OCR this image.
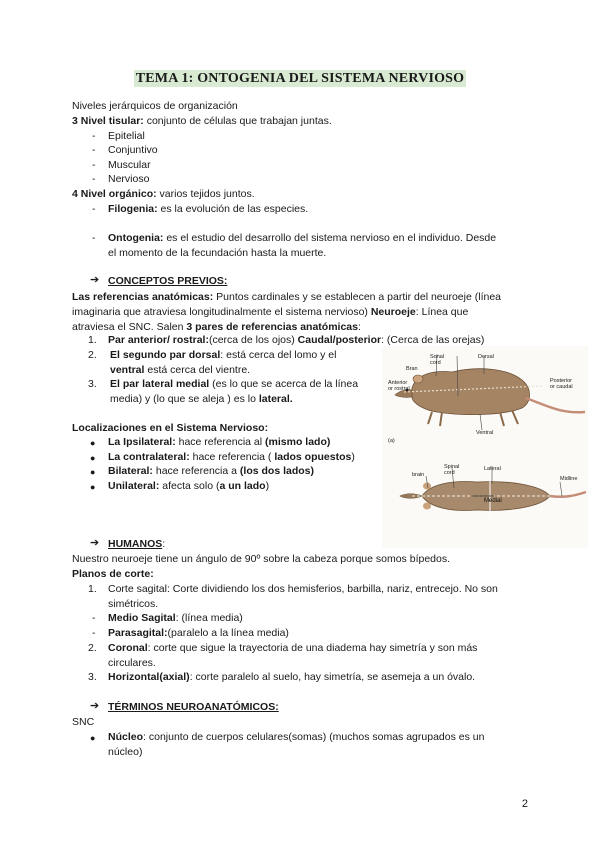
TEMA 1: ONTOGENIA DEL SISTEMA NERVIOSO
Niveles jerárquicos de organización
3 Nivel tisular: conjunto de células que trabajan juntas.
- Epitelial
- Conjuntivo
- Muscular
- Nervioso
4 Nivel orgánico: varios tejidos juntos.
- Filogenia: es la evolución de las especies.
- Ontogenia: es el estudio del desarrollo del sistema nervioso en el individuo. Desde
el momento de la fecundación hasta la muerte.
➔ CONCEPTOS PREVIOS:
Las referencias anatómicas: Puntos cardinales y se establecen a partir del neuroeje (línea
imaginaria que atraviesa longitudinalmente el sistema nervioso) Neuroeje: Línea que
atraviesa el SNC. Salen 3 pares de referencias anatómicas:
1. Par anterior/ rostral:(cerca de los ojos) Caudal/posterior: (Cerca de las orejas)
2. El segundo par dorsal: está cerca del lomo y el
ventral está cerca del vientre.
3. El par lateral medial (es lo que se acerca de la línea
media) y (lo que se aleja ) es lo lateral.
Localizaciones en el Sistema Nervioso:
● La Ipsilateral: hace referencia al (mismo lado)
● La contralateral: hace referencia ( lados opuestos)
● Bilateral: hace referencia a (los dos lados)
● Unilateral: afecta solo (a un lado)
Sonal
cord
Dorsal
Bran
Anterior
or rostral
Posterior
or caudal
Ventral
(a)
Spinal
cord
Lateral
brain
Medial
Midline
➔ HUMANOS:
Nuestro neuroeje tiene un ángulo de 90º sobre la cabeza porque somos bípedos.
Planos de corte:
1. Corte sagital: Corte dividiendo los dos hemisferios, barbilla, nariz, entrecejo. No son
simétricos.
- Medio Sagital: (línea media)
- Parasagital:(paralelo a la línea media)
2. Coronal: corte que sigue la trayectoria de una diadema hay simetría y son más
circulares.
3. Horizontal(axial): corte paralelo al suelo, hay simetría, se asemeja a un óvalo.
➔ TÉRMINOS NEUROANATÓMICOS:
SNC
● Núcleo: conjunto de cuerpos celulares(somas) (muchos somas agrupados es un
núcleo)
2
